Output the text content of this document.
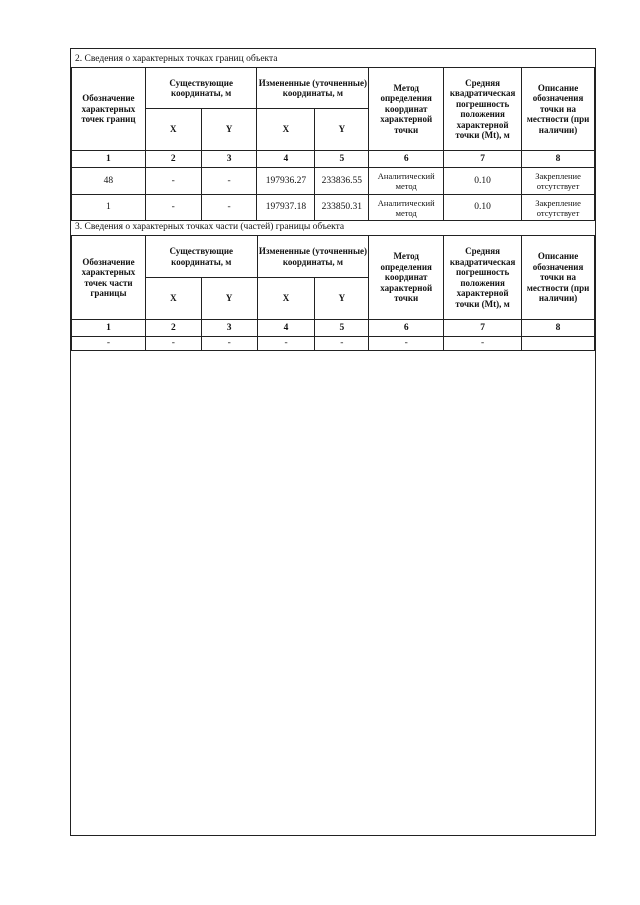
2. Сведения о характерных точках границ объекта
Обозначение характерных точек границ	Существующие координаты, м		Измененные (уточненные) координаты, м		Метод определения координат характерной точки	Средняя квадратическая погрешность положения характерной точки (Mt), м	Описание обозначения точки на местности (при наличии)
	X	Y	X	Y			
1	2	3	4	5	6	7	8
48	-	-	197936.27	233836.55	Аналитический метод	0.10	Закрепление отсутствует
1	-	-	197937.18	233850.31	Аналитический метод	0.10	Закрепление отсутствует
3. Сведения о характерных точках части (частей) границы объекта
Обозначение характерных точек части границы	Существующие координаты, м		Измененные (уточненные) координаты, м		Метод определения координат характерной точки	Средняя квадратическая погрешность положения характерной точки (Mt), м	Описание обозначения точки на местности (при наличии)
	X	Y	X	Y			
1	2	3	4	5	6	7	8
-	-	-	-	-	-	-	
